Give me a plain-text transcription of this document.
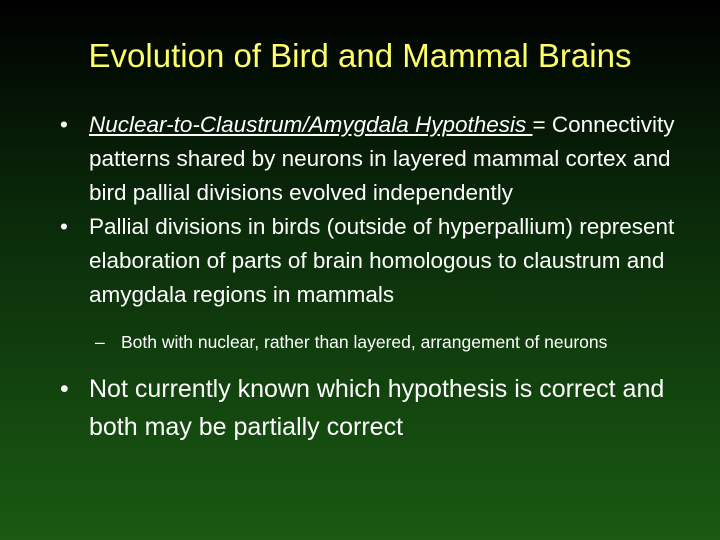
Evolution of Bird and Mammal Brains
• Nuclear-to-Claustrum/Amygdala Hypothesis = Connectivity patterns shared by neurons in layered mammal cortex and bird pallial divisions evolved independently
• Pallial divisions in birds (outside of hyperpallium) represent elaboration of parts of brain homologous to claustrum and amygdala regions in mammals
– Both with nuclear, rather than layered, arrangement of neurons
• Not currently known which hypothesis is correct and both may be partially correct
